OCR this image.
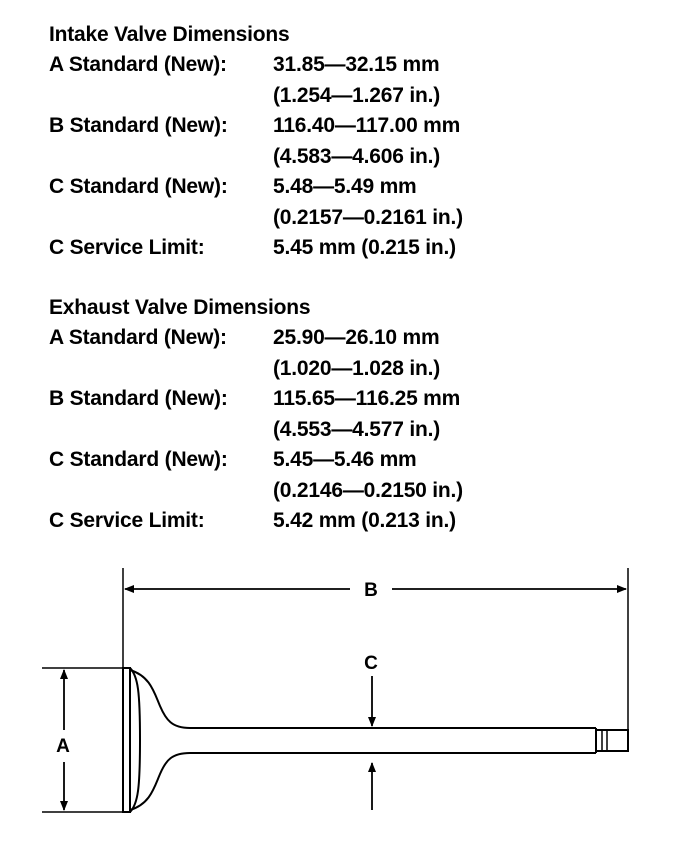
Intake Valve Dimensions
A Standard (New):	31.85—32.15 mm
(1.254—1.267 in.)
B Standard (New):	116.40—117.00 mm
(4.583—4.606 in.)
C Standard (New):	5.48—5.49 mm
(0.2157—0.2161 in.)
C Service Limit:	5.45 mm (0.215 in.)
Exhaust Valve Dimensions
A Standard (New):	25.90—26.10 mm
(1.020—1.028 in.)
B Standard (New):	115.65—116.25 mm
(4.553—4.577 in.)
C Standard (New):	5.45—5.46 mm
(0.2146—0.2150 in.)
C Service Limit:	5.42 mm (0.213 in.)
B
A
C
